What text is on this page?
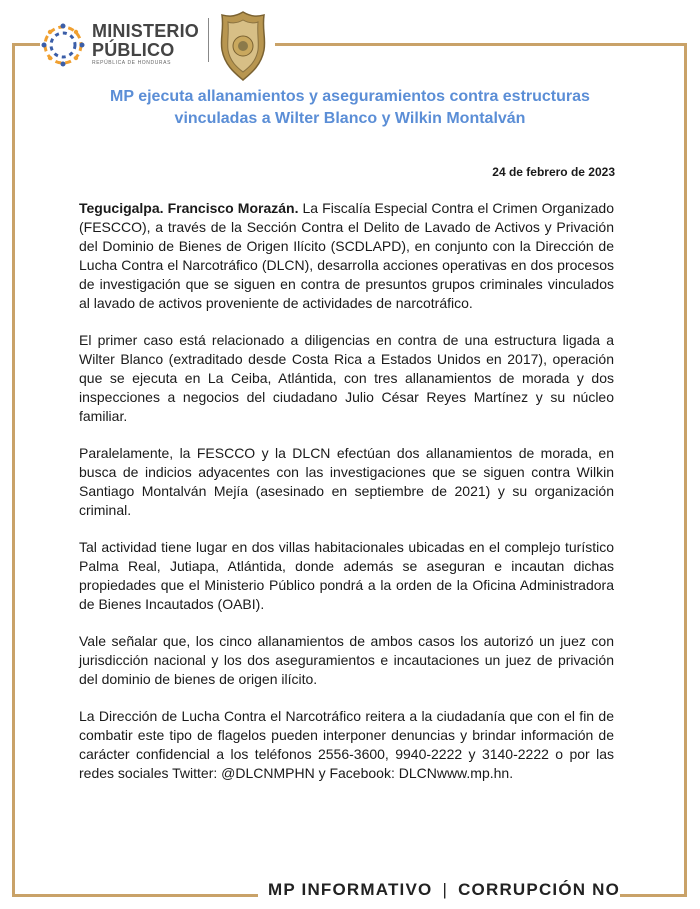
MINISTERIO
PÚBLICO
REPÚBLICA DE HONDURAS
MP ejecuta allanamientos y aseguramientos contra estructuras
vinculadas a Wilter Blanco y Wilkin Montalván
24 de febrero de 2023

Tegucigalpa. Francisco Morazán. La Fiscalía Especial Contra el Crimen Organizado (FESCCO), a través de la Sección Contra el Delito de Lavado de Activos y Privación del Dominio de Bienes de Origen Ilícito (SCDLAPD), en conjunto con la Dirección de Lucha Contra el Narcotráfico (DLCN), desarrolla acciones operativas en dos procesos de investigación que se siguen en contra de presuntos grupos criminales vinculados al lavado de activos proveniente de actividades de narcotráfico.

El primer caso está relacionado a diligencias en contra de una estructura ligada a Wilter Blanco (extraditado desde Costa Rica a Estados Unidos en 2017), operación que se ejecuta en La Ceiba, Atlántida, con tres allanamientos de morada y dos inspecciones a negocios del ciudadano Julio César Reyes Martínez y su núcleo familiar.

Paralelamente, la FESCCO y la DLCN efectúan dos allanamientos de morada, en busca de indicios adyacentes con las investigaciones que se siguen contra Wilkin Santiago Montalván Mejía (asesinado en septiembre de 2021) y su organización criminal.

Tal actividad tiene lugar en dos villas habitacionales ubicadas en el complejo turístico Palma Real, Jutiapa, Atlántida, donde además se aseguran e incautan dichas propiedades que el Ministerio Público pondrá a la orden de la Oficina Administradora de Bienes Incautados (OABI).

Vale señalar que, los cinco allanamientos de ambos casos los autorizó un juez con jurisdicción nacional y los dos aseguramientos e incautaciones un juez de privación del dominio de bienes de origen ilícito.

La Dirección de Lucha Contra el Narcotráfico reitera a la ciudadanía que con el fin de combatir este tipo de flagelos pueden interponer denuncias y brindar información de carácter confidencial a los teléfonos 2556-3600, 9940-2222 y 3140-2222 o por las redes sociales Twitter: @DLCNMPHN y Facebook: DLCNwww.mp.hn.

MP INFORMATIVO | CORRUPCIÓN NO
